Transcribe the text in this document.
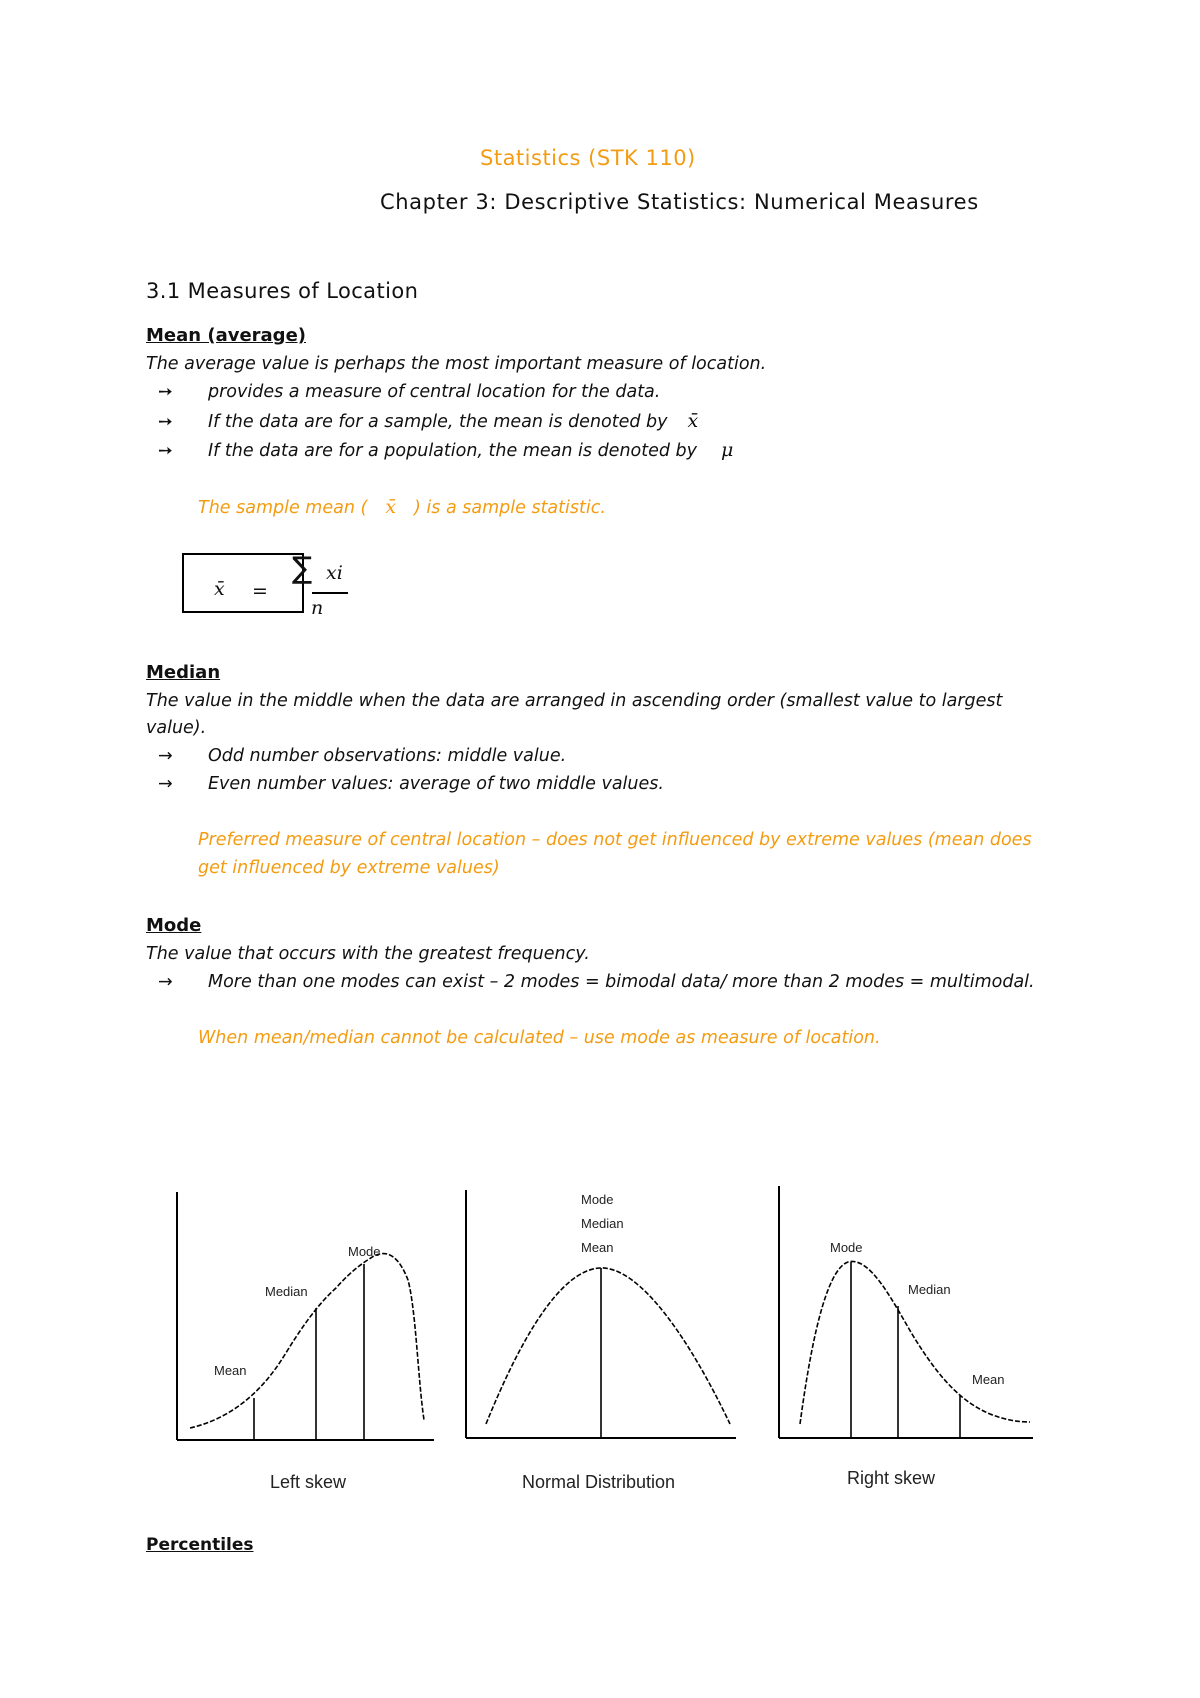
Statistics (STK 110)
Chapter 3: Descriptive Statistics: Numerical Measures
3.1 Measures of Location
Mean (average)
The average value is perhaps the most important measure of location.
➙ provides a measure of central location for the data.
➙ If the data are for a sample, the mean is denoted by x̄
➙ If the data are for a population, the mean is denoted by μ
The sample mean ( x̄ ) is a sample statistic.
x̄ =
∑ xi
n
Median
The value in the middle when the data are arranged in ascending order (smallest value to largest
value).
→ Odd number observations: middle value.
→ Even number values: average of two middle values.
Preferred measure of central location – does not get influenced by extreme values (mean does
get influenced by extreme values)
Mode
The value that occurs with the greatest frequency.
→ More than one modes can exist – 2 modes = bimodal data/ more than 2 modes = multimodal.
When mean/median cannot be calculated – use mode as measure of location.
Mean
Median
Mode
Left skew
Mode
Median
Mean
Normal Distribution
Mode
Median
Mean
Right skew
Percentiles
